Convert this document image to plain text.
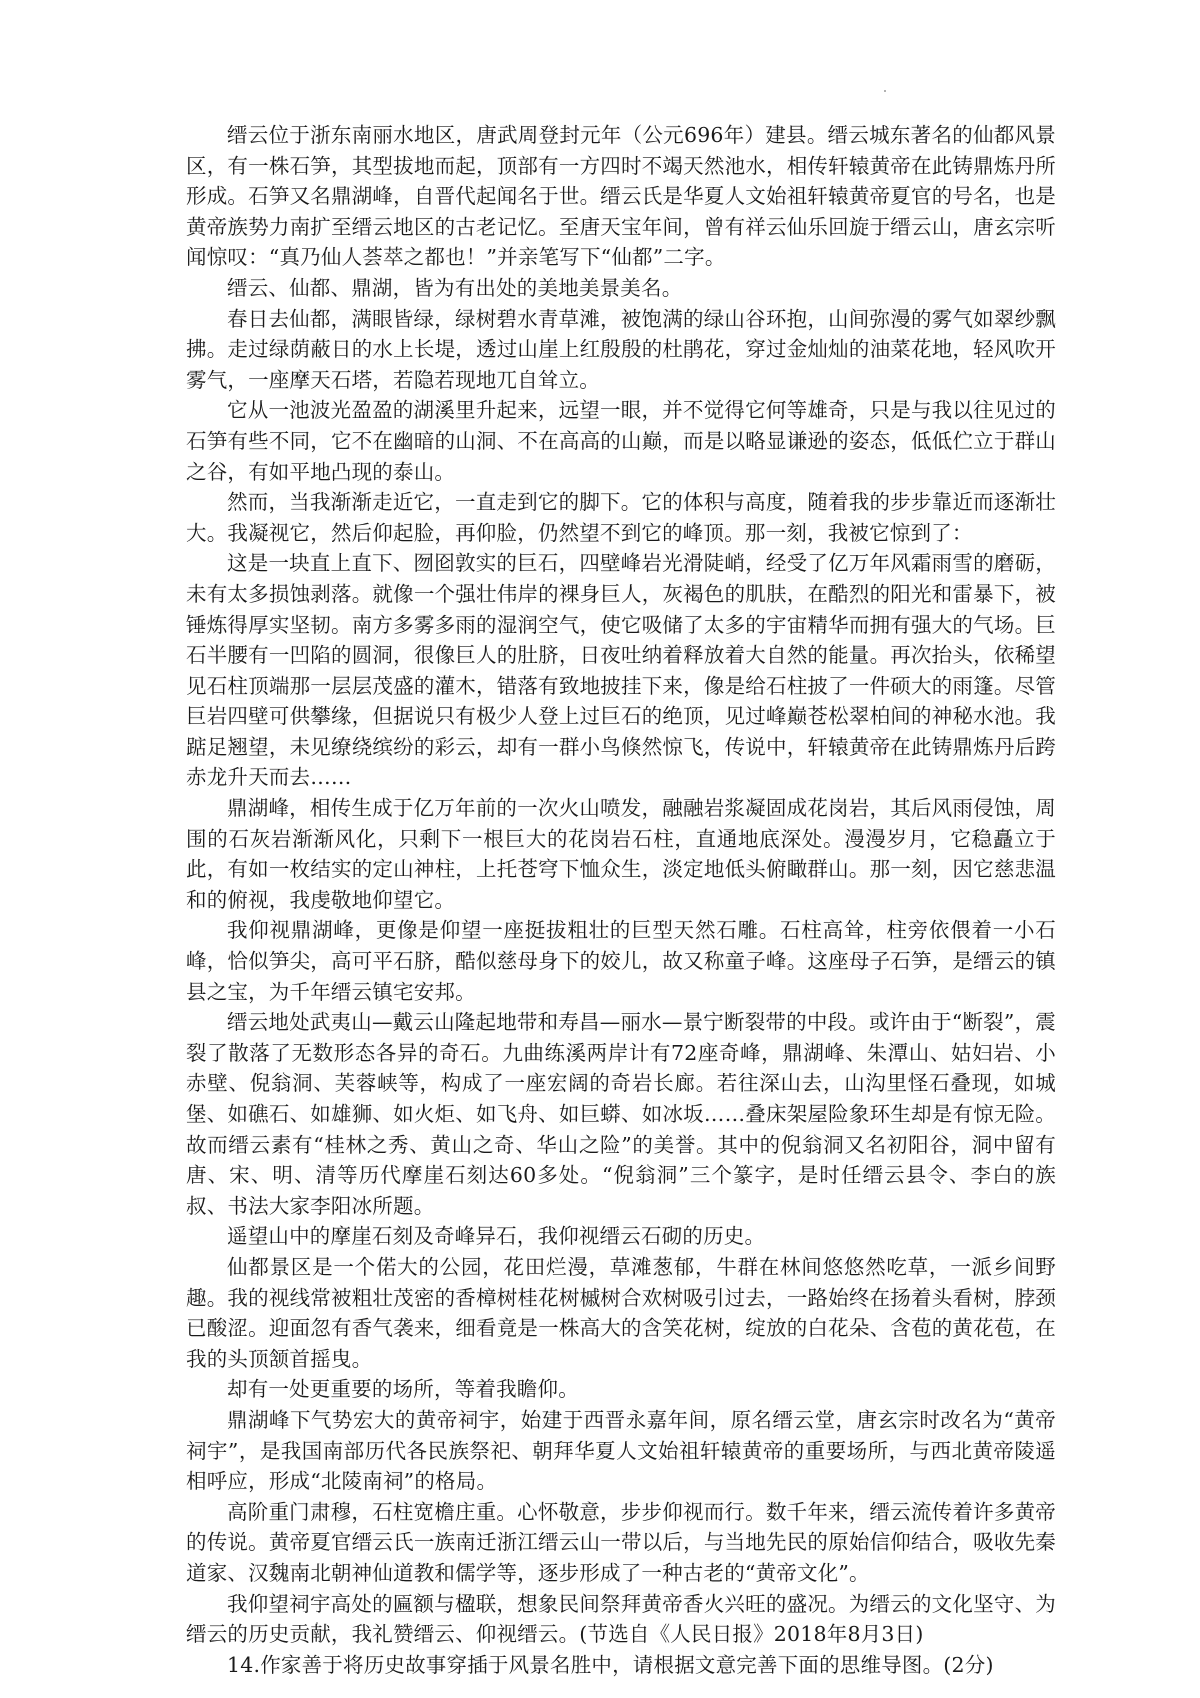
缙云位于浙东南丽水地区，唐武周登封元年（公元696年）建县。缙云城东著名的仙都风景区，有一株石笋，其型拔地而起，顶部有一方四时不竭天然池水，相传轩辕黄帝在此铸鼎炼丹所形成。石笋又名鼎湖峰，自晋代起闻名于世。缙云氏是华夏人文始祖轩辕黄帝夏官的号名，也是黄帝族势力南扩至缙云地区的古老记忆。至唐天宝年间，曾有祥云仙乐回旋于缙云山，唐玄宗听闻惊叹：“真乃仙人荟萃之都也！”并亲笔写下“仙都”二字。

缙云、仙都、鼎湖，皆为有出处的美地美景美名。

春日去仙都，满眼皆绿，绿树碧水青草滩，被饱满的绿山谷环抱，山间弥漫的雾气如翠纱飘拂。走过绿荫蔽日的水上长堤，透过山崖上红殷殷的杜鹃花，穿过金灿灿的油菜花地，轻风吹开雾气，一座摩天石塔，若隐若现地兀自耸立。

它从一池波光盈盈的湖溪里升起来，远望一眼，并不觉得它何等雄奇，只是与我以往见过的石笋有些不同，它不在幽暗的山洞、不在高高的山巅，而是以略显谦逊的姿态，低低伫立于群山之谷，有如平地凸现的泰山。

然而，当我渐渐走近它，一直走到它的脚下。它的体积与高度，随着我的步步靠近而逐渐壮大。我凝视它，然后仰起脸，再仰脸，仍然望不到它的峰顶。那一刻，我被它惊到了：

这是一块直上直下、囫囵敦实的巨石，四壁峰岩光滑陡峭，经受了亿万年风霜雨雪的磨砺，未有太多损蚀剥落。就像一个强壮伟岸的裸身巨人，灰褐色的肌肤，在酷烈的阳光和雷暴下，被锤炼得厚实坚韧。南方多雾多雨的湿润空气，使它吸储了太多的宇宙精华而拥有强大的气场。巨石半腰有一凹陷的圆洞，很像巨人的肚脐，日夜吐纳着释放着大自然的能量。再次抬头，依稀望见石柱顶端那一层层茂盛的灌木，错落有致地披挂下来，像是给石柱披了一件硕大的雨篷。尽管巨岩四壁可供攀缘，但据说只有极少人登上过巨石的绝顶，见过峰巅苍松翠柏间的神秘水池。我踮足翘望，未见缭绕缤纷的彩云，却有一群小鸟倏然惊飞，传说中，轩辕黄帝在此铸鼎炼丹后跨赤龙升天而去……

鼎湖峰，相传生成于亿万年前的一次火山喷发，融融岩浆凝固成花岗岩，其后风雨侵蚀，周围的石灰岩渐渐风化，只剩下一根巨大的花岗岩石柱，直通地底深处。漫漫岁月，它稳矗立于此，有如一枚结实的定山神柱，上托苍穹下恤众生，淡定地低头俯瞰群山。那一刻，因它慈悲温和的俯视，我虔敬地仰望它。

我仰视鼎湖峰，更像是仰望一座挺拔粗壮的巨型天然石雕。石柱高耸，柱旁依偎着一小石峰，恰似笋尖，高可平石脐，酷似慈母身下的姣儿，故又称童子峰。这座母子石笋，是缙云的镇县之宝，为千年缙云镇宅安邦。

缙云地处武夷山—戴云山隆起地带和寿昌—丽水—景宁断裂带的中段。或许由于“断裂”，震裂了散落了无数形态各异的奇石。九曲练溪两岸计有72座奇峰，鼎湖峰、朱潭山、姑妇岩、小赤壁、倪翁洞、芙蓉峡等，构成了一座宏阔的奇岩长廊。若往深山去，山沟里怪石叠现，如城堡、如礁石、如雄狮、如火炬、如飞舟、如巨蟒、如冰坂……叠床架屋险象环生却是有惊无险。故而缙云素有“桂林之秀、黄山之奇、华山之险”的美誉。其中的倪翁洞又名初阳谷，洞中留有唐、宋、明、清等历代摩崖石刻达60多处。“倪翁洞”三个篆字，是时任缙云县令、李白的族叔、书法大家李阳冰所题。

遥望山中的摩崖石刻及奇峰异石，我仰视缙云石砌的历史。

仙都景区是一个偌大的公园，花田烂漫，草滩葱郁，牛群在林间悠悠然吃草，一派乡间野趣。我的视线常被粗壮茂密的香樟树桂花树槭树合欢树吸引过去，一路始终在扬着头看树，脖颈已酸涩。迎面忽有香气袭来，细看竟是一株高大的含笑花树，绽放的白花朵、含苞的黄花苞，在我的头顶颔首摇曳。

却有一处更重要的场所，等着我瞻仰。

鼎湖峰下气势宏大的黄帝祠宇，始建于西晋永嘉年间，原名缙云堂，唐玄宗时改名为“黄帝祠宇”，是我国南部历代各民族祭祀、朝拜华夏人文始祖轩辕黄帝的重要场所，与西北黄帝陵遥相呼应，形成“北陵南祠”的格局。

高阶重门肃穆，石柱宽檐庄重。心怀敬意，步步仰视而行。数千年来，缙云流传着许多黄帝的传说。黄帝夏官缙云氏一族南迁浙江缙云山一带以后，与当地先民的原始信仰结合，吸收先秦道家、汉魏南北朝神仙道教和儒学等，逐步形成了一种古老的“黄帝文化”。

我仰望祠宇高处的匾额与楹联，想象民间祭拜黄帝香火兴旺的盛况。为缙云的文化坚守、为缙云的历史贡献，我礼赞缙云、仰视缙云。(节选自《人民日报》2018年8月3日)

14.作家善于将历史故事穿插于风景名胜中，请根据文意完善下面的思维导图。(2分)
